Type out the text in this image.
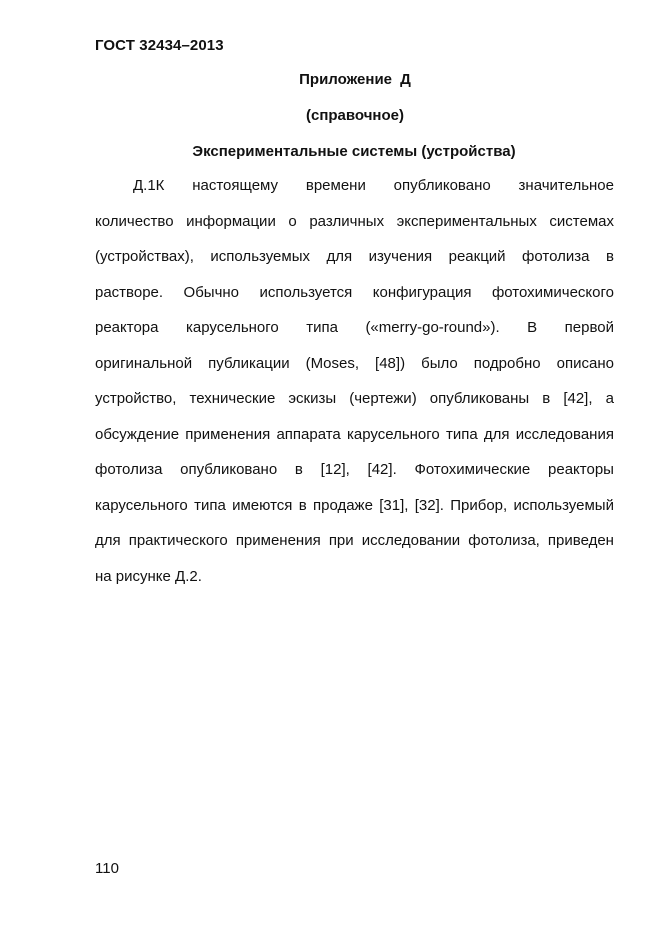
ГОСТ 32434–2013
Приложение Д
(справочное)
Экспериментальные системы (устройства)
Д.1К настоящему времени опубликовано значительное
количество информации о различных экспериментальных системах
(устройствах), используемых для изучения реакций фотолиза в
растворе. Обычно используется конфигурация фотохимического
реактора карусельного типа («merry-go-round»). В первой
оригинальной публикации (Moses, [48]) было подробно описано
устройство, технические эскизы (чертежи) опубликованы в [42], а
обсуждение применения аппарата карусельного типа для исследования
фотолиза опубликовано в [12], [42]. Фотохимические реакторы
карусельного типа имеются в продаже [31], [32]. Прибор, используемый
для практического применения при исследовании фотолиза, приведен
на рисунке Д.2.
110
